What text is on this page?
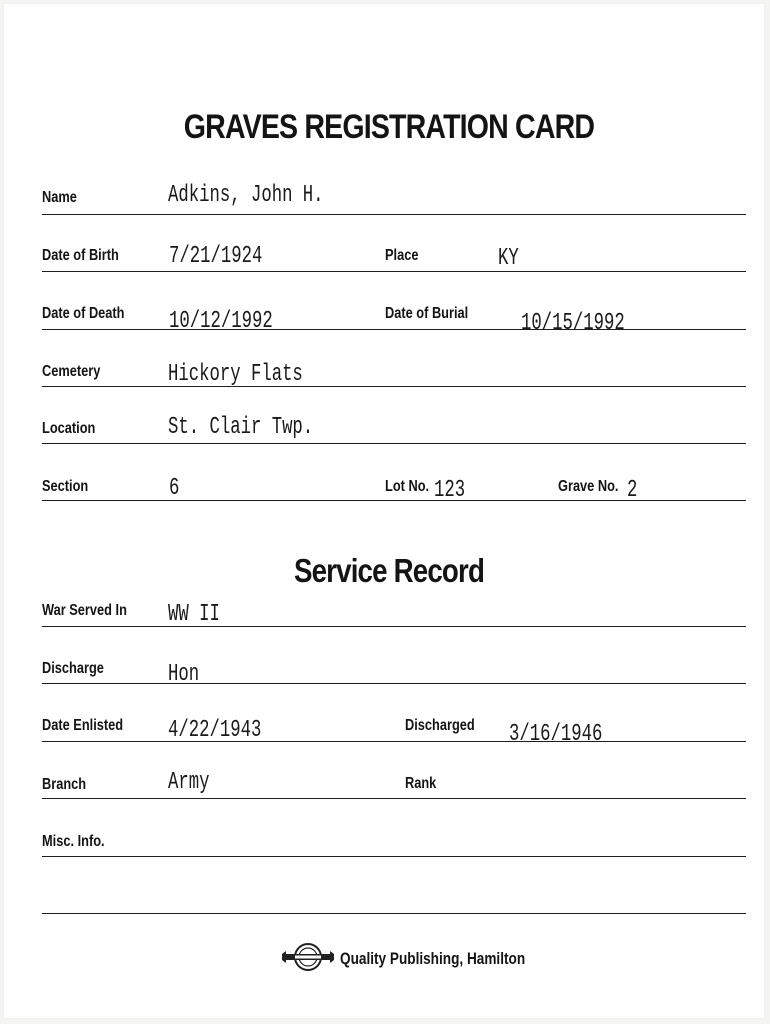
GRAVES REGISTRATION CARD
Name	Adkins, John H.
Date of Birth 7/21/1924	Place	KY
Date of Death 10/12/1992	Date of Burial 10/15/1992
Cemetery	Hickory Flats
Location	St. Clair Twp.
Section	6	Lot No. 123	Grave No. 2
Service Record
War Served In WW II
Discharge	Hon
Date Enlisted 4/22/1943	Discharged 3/16/1946
Branch	Army	Rank
Misc. Info.
Quality Publishing, Hamilton
